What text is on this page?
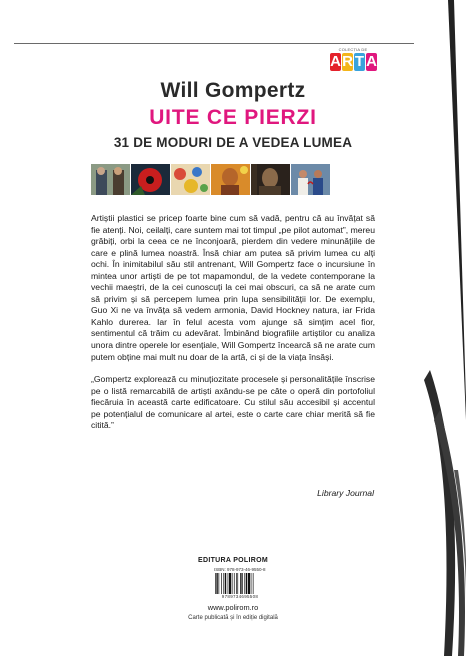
COLECȚIA DE
A R T A
Will Gompertz
UITE CE PIERZI
31 DE MODURI DE A VEDEA LUMEA

Artiștii plastici se pricep foarte bine cum să vadă, pentru că au învățat să fie atenți. Noi, ceilalți, care suntem mai tot timpul „pe pilot automat”, mereu grăbiți, orbi la ceea ce ne înconjoară, pierdem din vedere minunățiile de care e plină lumea noastră. Însă chiar am putea să privim lumea cu alți ochi. În inimitabilul său stil antrenant, Will Gompertz face o incursiune în mintea unor artiști de pe tot mapamondul, de la vedete contemporane la vechii maeștri, de la cei cunoscuți la cei mai obscuri, ca să ne arate cum să privim și să percepem lumea prin lupa sensibilității lor. De exemplu, Guo Xi ne va învăța să vedem armonia, David Hockney natura, iar Frida Kahlo durerea. Iar în felul acesta vom ajunge să simțim acel fior, sentimentul că trăim cu adevărat. Îmbinând biografiile artiștilor cu analiza unora dintre operele lor esențiale, Will Gompertz încearcă să ne arate cum putem obține mai mult nu doar de la artă, ci și de la viața însăși.

„Gompertz explorează cu minuțiozitate procesele și personalitățile înscrise pe o listă remarcabilă de artiști axându-se pe câte o operă din portofoliul fiecăruia în această carte edificatoare. Cu stilul său accesibil și accentul pe potențialul de comunicare al artei, este o carte care chiar merită să fie citită.”

Library Journal
EDITURA POLIROM
ISBN: 978-973-46-9550-8
9789734695508
www.polirom.ro
Carte publicată și în ediție digitală
